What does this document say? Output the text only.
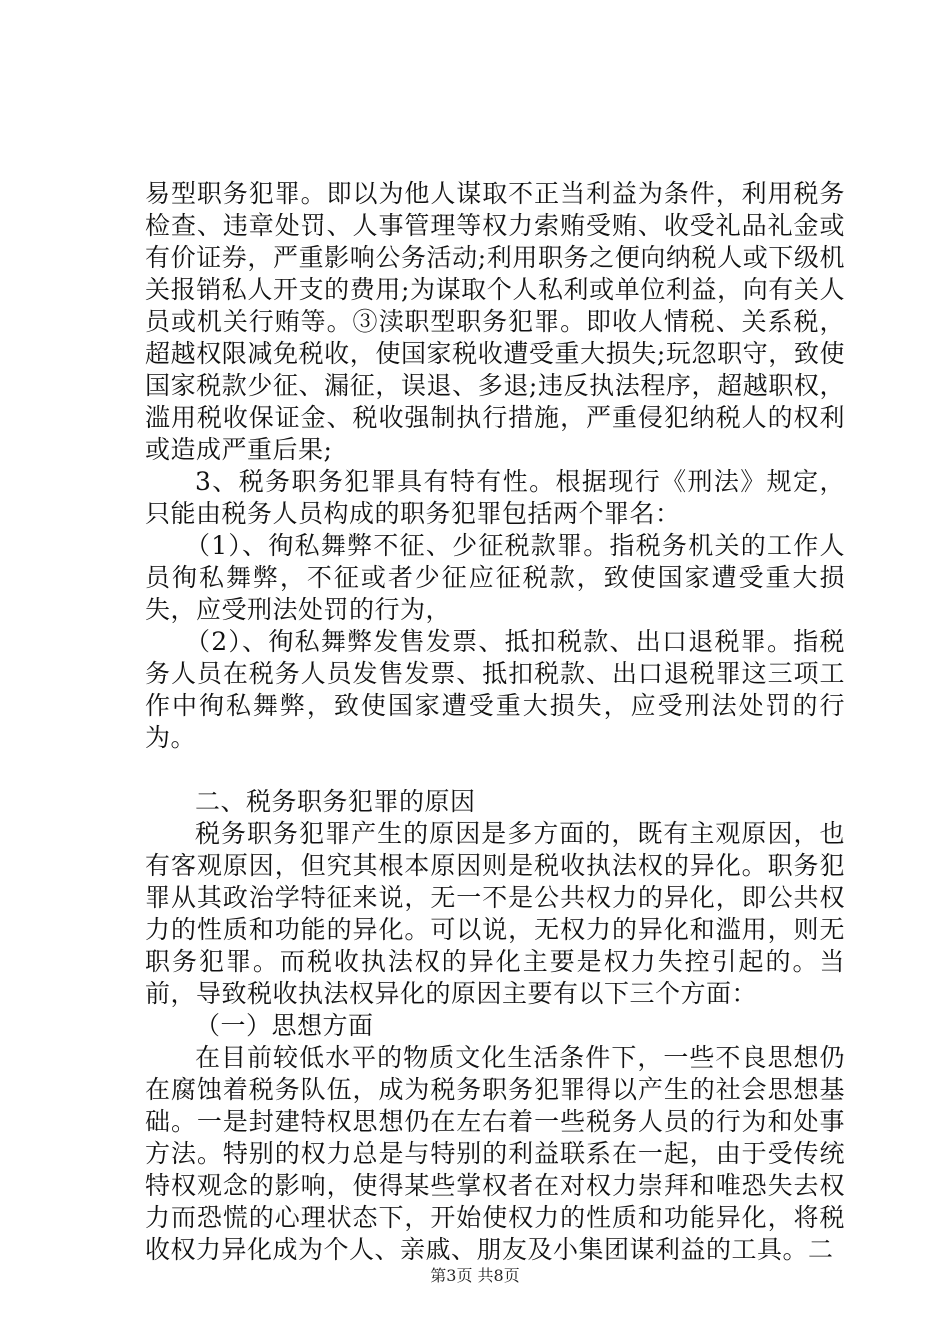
易型职务犯罪。即以为他人谋取不正当利益为条件，利用税务检查、违章处罚、人事管理等权力索贿受贿、收受礼品礼金或有价证券，严重影响公务活动;利用职务之便向纳税人或下级机关报销私人开支的费用;为谋取个人私利或单位利益，向有关人员或机关行贿等。③渎职型职务犯罪。即收人情税、关系税，超越权限减免税收，使国家税收遭受重大损失;玩忽职守，致使国家税款少征、漏征，误退、多退;违反执法程序，超越职权，滥用税收保证金、税收强制执行措施，严重侵犯纳税人的权利或造成严重后果;

3、税务职务犯罪具有特有性。根据现行《刑法》规定，只能由税务人员构成的职务犯罪包括两个罪名：

（1）、徇私舞弊不征、少征税款罪。指税务机关的工作人员徇私舞弊，不征或者少征应征税款，致使国家遭受重大损失，应受刑法处罚的行为，

（2）、徇私舞弊发售发票、抵扣税款、出口退税罪。指税务人员在税务人员发售发票、抵扣税款、出口退税罪这三项工作中徇私舞弊，致使国家遭受重大损失，应受刑法处罚的行为。

二、税务职务犯罪的原因

税务职务犯罪产生的原因是多方面的，既有主观原因，也有客观原因，但究其根本原因则是税收执法权的异化。职务犯罪从其政治学特征来说，无一不是公共权力的异化，即公共权力的性质和功能的异化。可以说，无权力的异化和滥用，则无职务犯罪。而税收执法权的异化主要是权力失控引起的。当前，导致税收执法权异化的原因主要有以下三个方面：

（一）思想方面

在目前较低水平的物质文化生活条件下，一些不良思想仍在腐蚀着税务队伍，成为税务职务犯罪得以产生的社会思想基础。一是封建特权思想仍在左右着一些税务人员的行为和处事方法。特别的权力总是与特别的利益联系在一起，由于受传统特权观念的影响，使得某些掌权者在对权力崇拜和唯恐失去权力而恐慌的心理状态下，开始使权力的性质和功能异化，将税收权力异化成为个人、亲戚、朋友及小集团谋利益的工具。二

第3页 共8页
